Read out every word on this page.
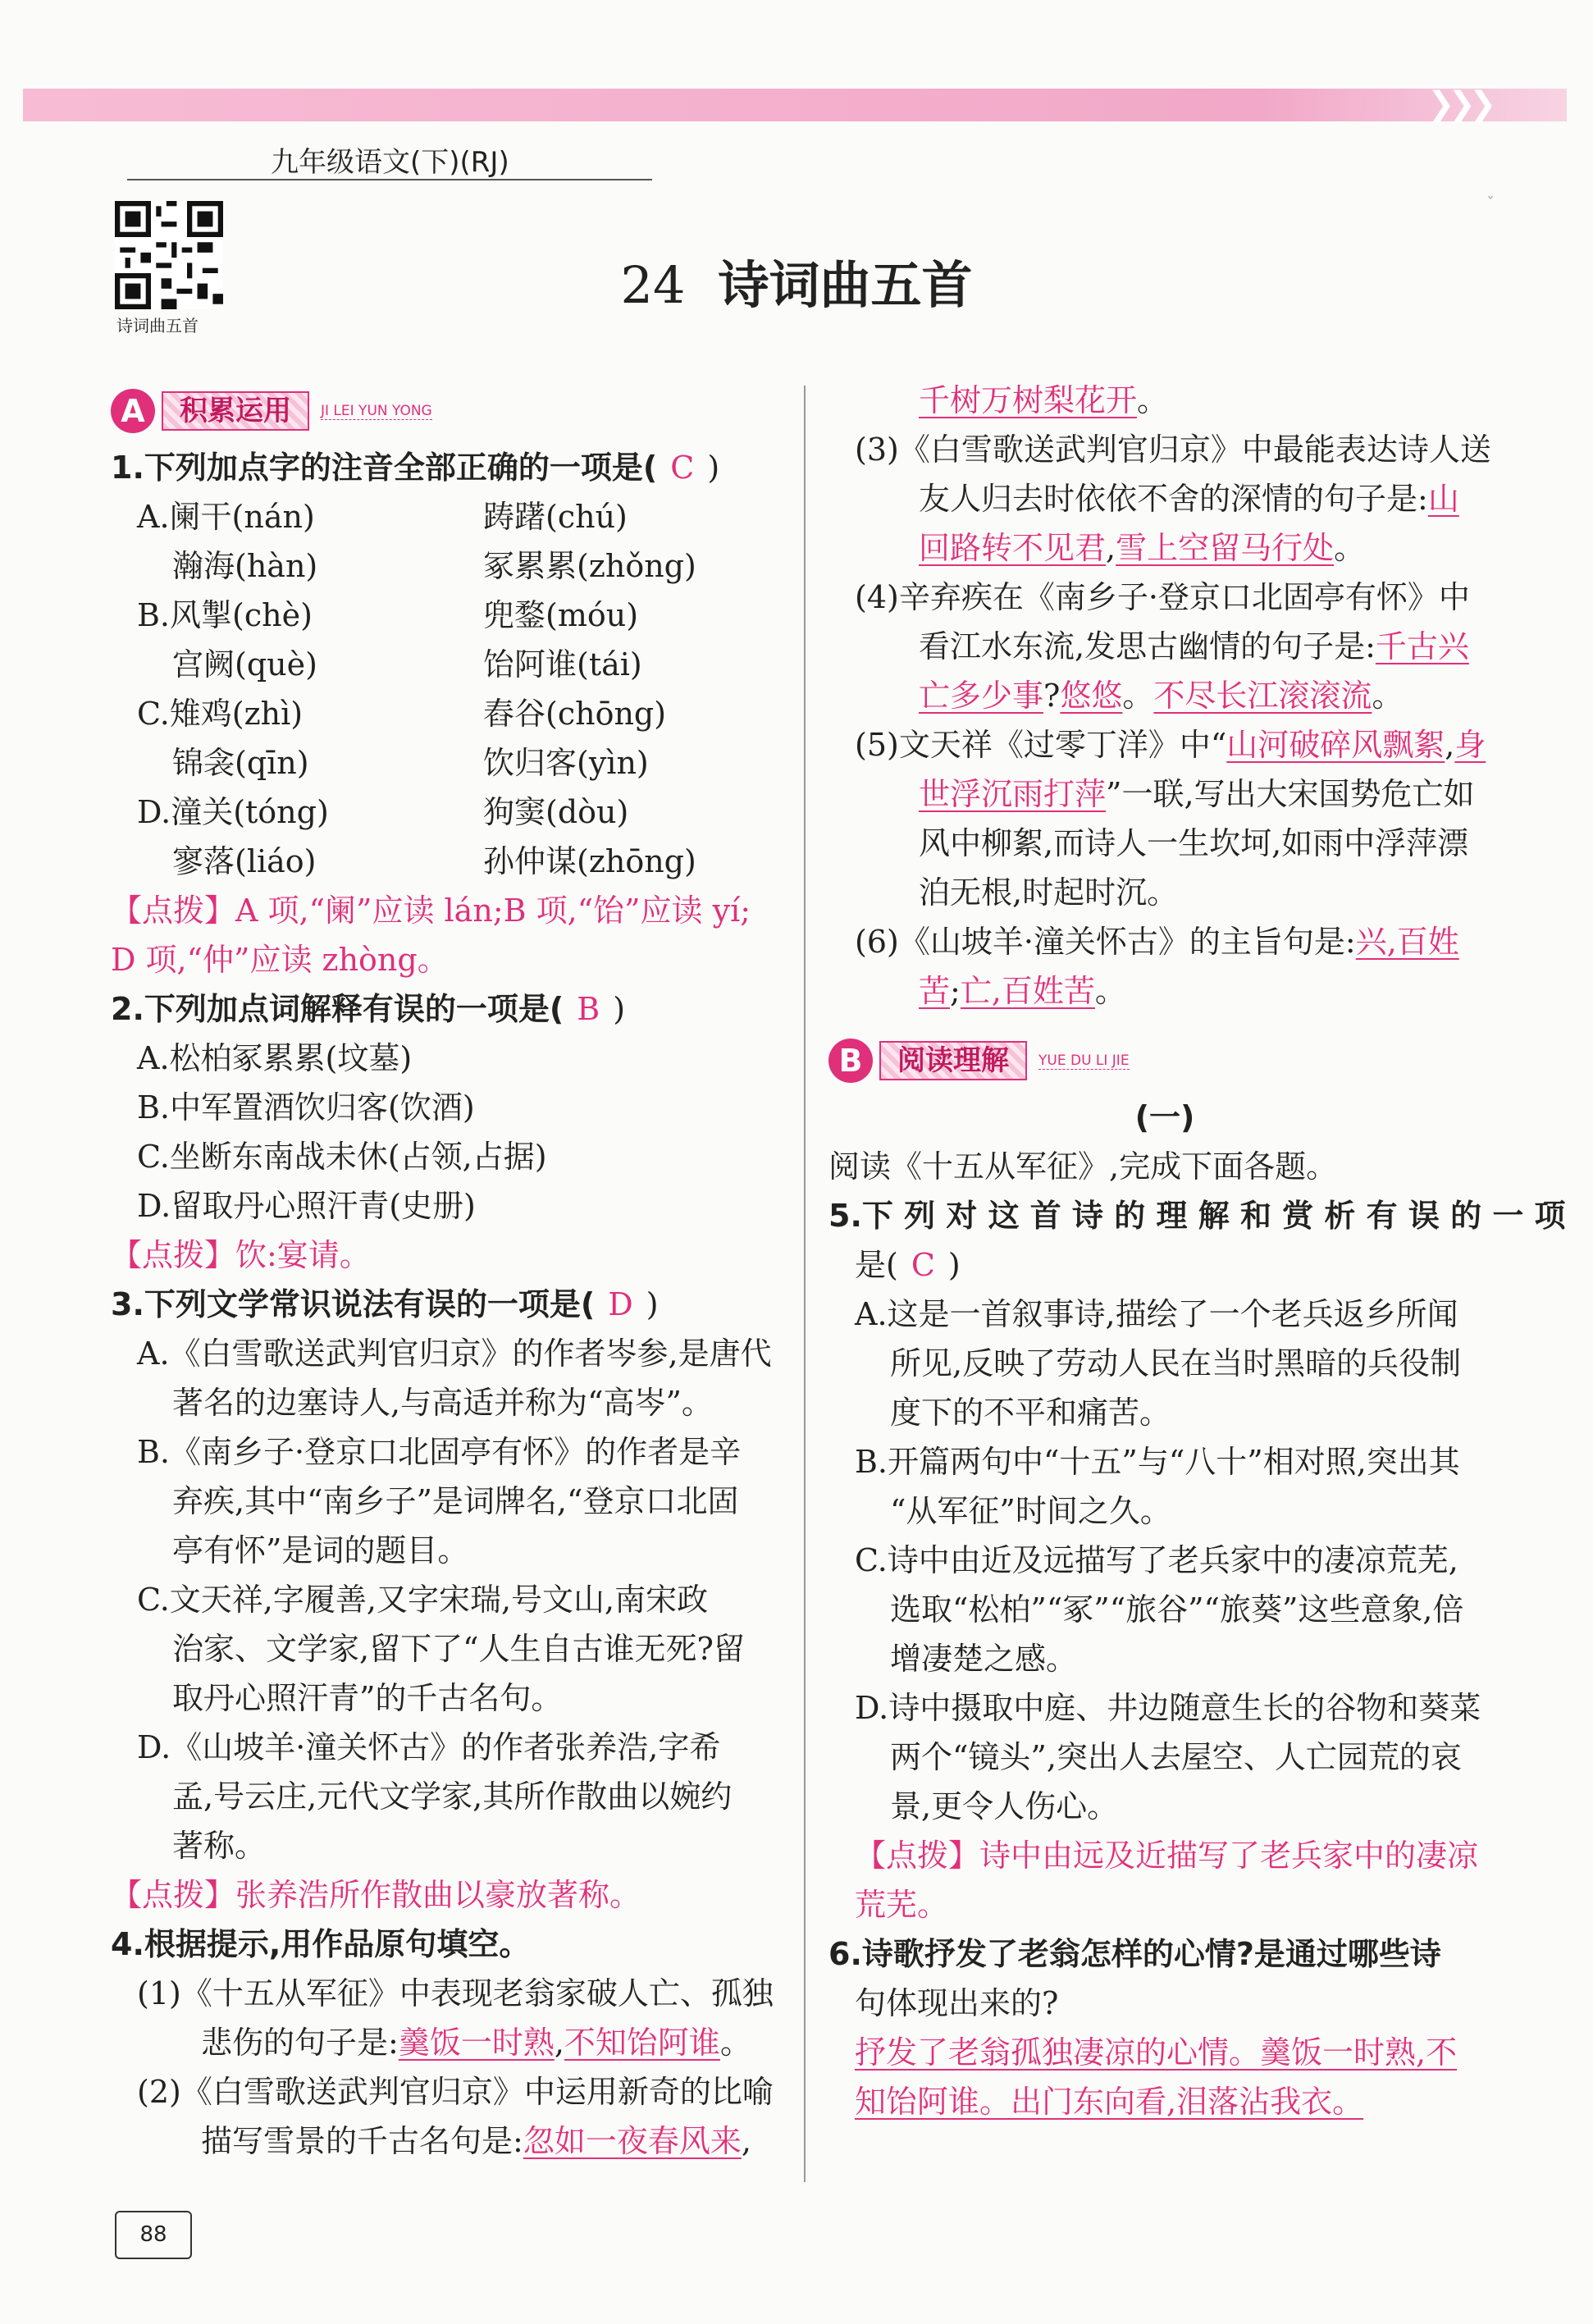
❯❯❯
九年级语文(下)(RJ)
诗词曲五首
ˇ
24 诗词曲五首
A	积累运用	JI LEI YUN YONG
1.下列加点字的注音全部正确的一项是( C )
A.阑干(nán)	踌躇(chú)
瀚海(hàn)	冢累累(zhǒng)
B.风掣(chè)	兜鍪(móu)
宫阙(què)	饴阿谁(tái)
C.雉鸡(zhì)	舂谷(chōng)
锦衾(qīn)	饮归客(yìn)
D.潼关(tóng)	狗窦(dòu)
寥落(liáo)	孙仲谋(zhōng)
【点拨】A 项,“阑”应读 lán;B 项,“饴”应读 yí;
D 项,“仲”应读 zhòng。
2.下列加点词解释有误的一项是( B )
A.松柏冢累累(坟墓)
B.中军置酒饮归客(饮酒)
C.坐断东南战未休(占领,占据)
D.留取丹心照汗青(史册)
【点拨】饮:宴请。
3.下列文学常识说法有误的一项是( D )
A.《白雪歌送武判官归京》的作者岑参,是唐代
著名的边塞诗人,与高适并称为“高岑”。
B.《南乡子·登京口北固亭有怀》的作者是辛
弃疾,其中“南乡子”是词牌名,“登京口北固
亭有怀”是词的题目。
C.文天祥,字履善,又字宋瑞,号文山,南宋政
治家、文学家,留下了“人生自古谁无死?留
取丹心照汗青”的千古名句。
D.《山坡羊·潼关怀古》的作者张养浩,字希
孟,号云庄,元代文学家,其所作散曲以婉约
著称。
【点拨】张养浩所作散曲以豪放著称。
4.根据提示,用作品原句填空。
(1)《十五从军征》中表现老翁家破人亡、孤独
悲伤的句子是:羹饭一时熟,不知饴阿谁。
(2)《白雪歌送武判官归京》中运用新奇的比喻
描写雪景的千古名句是:忽如一夜春风来,
千树万树梨花开。
(3)《白雪歌送武判官归京》中最能表达诗人送
友人归去时依依不舍的深情的句子是:山
回路转不见君,雪上空留马行处。
(4)辛弃疾在《南乡子·登京口北固亭有怀》中
看江水东流,发思古幽情的句子是:千古兴
亡多少事?悠悠。不尽长江滚滚流。
(5)文天祥《过零丁洋》中“山河破碎风飘絮,身
世浮沉雨打萍”一联,写出大宋国势危亡如
风中柳絮,而诗人一生坎坷,如雨中浮萍漂
泊无根,时起时沉。
(6)《山坡羊·潼关怀古》的主旨句是:兴,百姓
苦;亡,百姓苦。
B	阅读理解	YUE DU LI JIE
(一)
阅读《十五从军征》,完成下面各题。
5.下 列 对 这 首 诗 的 理 解 和 赏 析 有 误 的 一 项
是( C )
A.这是一首叙事诗,描绘了一个老兵返乡所闻
所见,反映了劳动人民在当时黑暗的兵役制
度下的不平和痛苦。
B.开篇两句中“十五”与“八十”相对照,突出其
“从军征”时间之久。
C.诗中由近及远描写了老兵家中的凄凉荒芜,
选取“松柏”“冢”“旅谷”“旅葵”这些意象,倍
增凄楚之感。
D.诗中摄取中庭、井边随意生长的谷物和葵菜
两个“镜头”,突出人去屋空、人亡园荒的哀
景,更令人伤心。
【点拨】诗中由远及近描写了老兵家中的凄凉
荒芜。
6.诗歌抒发了老翁怎样的心情?是通过哪些诗
句体现出来的?
抒发了老翁孤独凄凉的心情。羹饭一时熟,不
知饴阿谁。出门东向看,泪落沾我衣。
88
